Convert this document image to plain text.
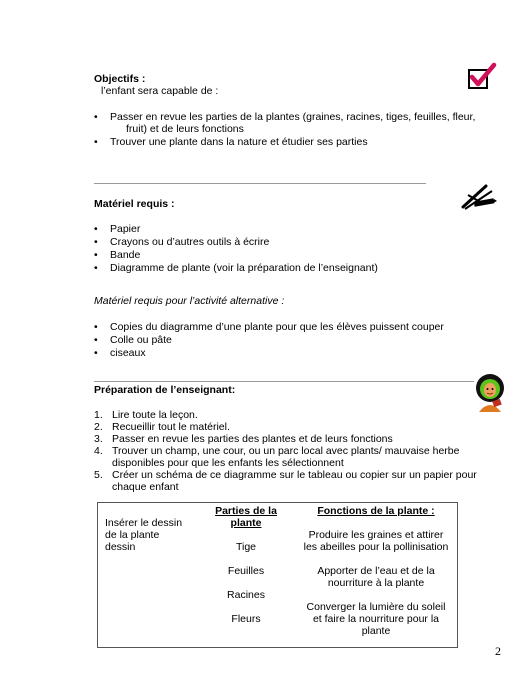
Objectifs :
l’enfant sera capable de :
• Passer en revue les parties de la plantes (graines, racines, tiges, feuilles, fleur,
fruit) et de leurs fonctions
• Trouver une plante dans la nature et étudier ses parties
Matériel requis :
• Papier
• Crayons ou d’autres outils à écrire
• Bande
• Diagramme de plante (voir la préparation de l’enseignant)
Matériel requis pour l’activité alternative :
• Copies du diagramme d’une plante pour que les élèves puissent couper
• Colle ou pâte
• ciseaux
Préparation de l’enseignant:
1. Lire toute la leçon.
2. Recueillir tout le matériel.
3. Passer en revue les parties des plantes et de leurs fonctions
4. Trouver un champ, une cour, ou un parc local avec plants/ mauvaise herbe
disponibles pour que les enfants les sélectionnent
5. Créer un schéma de ce diagramme sur le tableau ou copier sur un papier pour
chaque enfant
Insérer le dessin
de la plante
dessin
Parties de la
plante
Fonctions de la plante :
Tige
Feuilles
Racines
Fleurs
Produire les graines et attirer
les abeilles pour la pollinisation
Apporter de l’eau et de la
nourriture à la plante
Converger la lumière du soleil
et faire la nourriture pour la
plante
2
